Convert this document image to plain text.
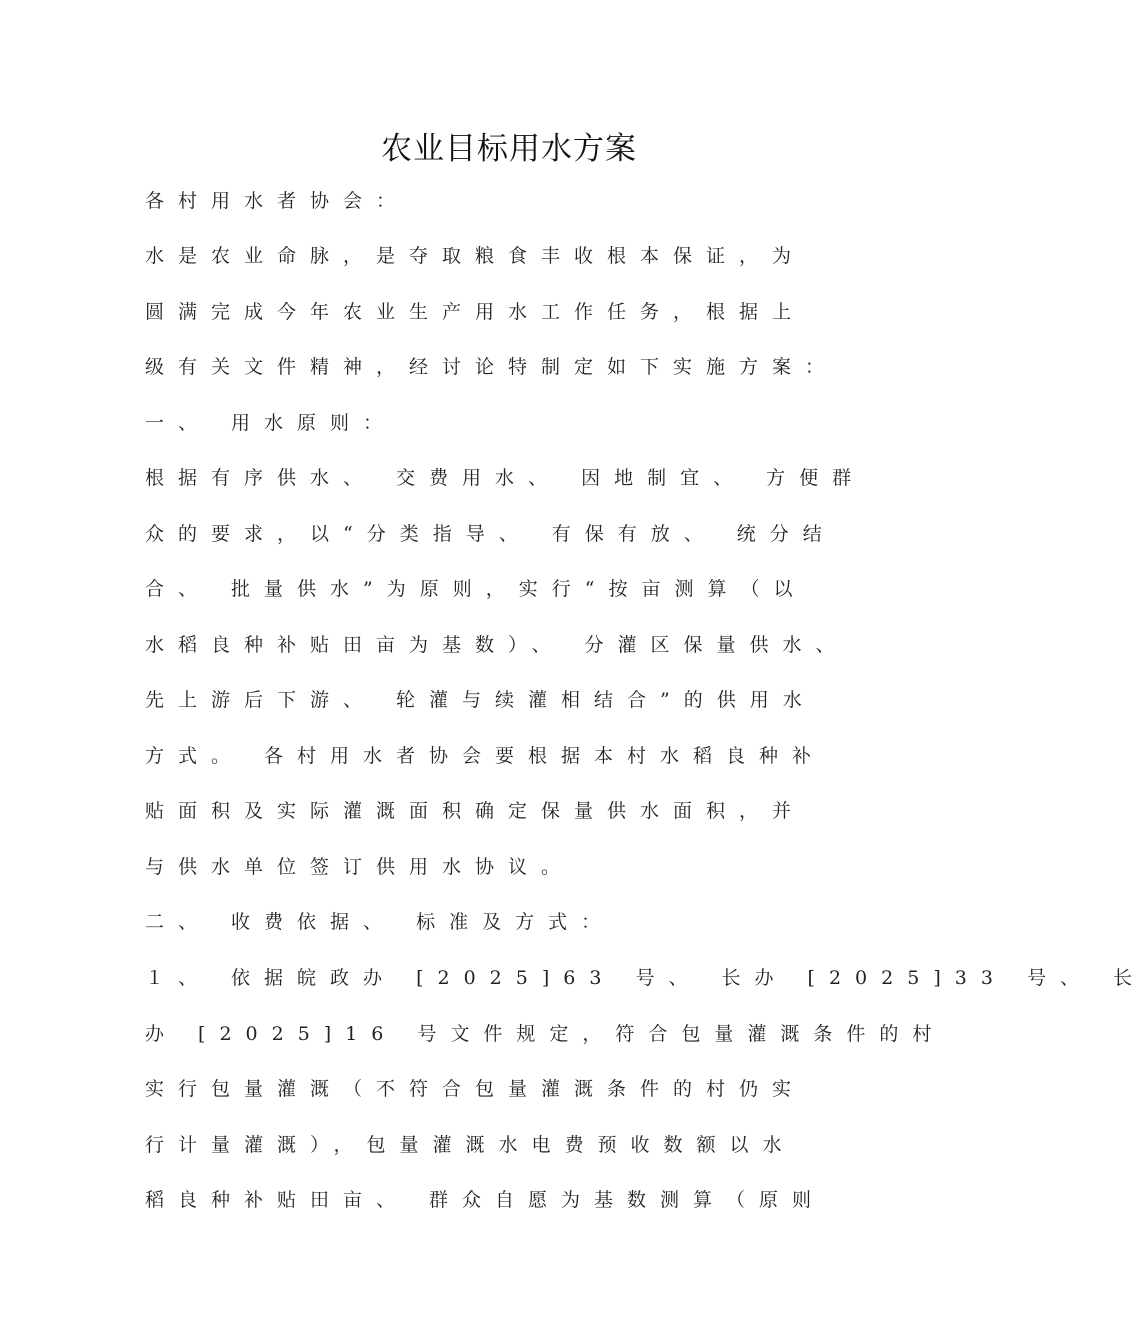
农业目标用水方案
各村用水者协会：
水是农业命脉，是夺取粮食丰收根本保证，为
圆满完成今年农业生产用水工作任务，根据上
级有关文件精神，经讨论特制定如下实施方案：
一、 用水原则：
根据有序供水、 交费用水、 因地制宜、 方便群
众的要求，以“分类指导、 有保有放、 统分结
合、 批量供水”为原则，实行“按亩测算（以
水稻良种补贴田亩为基数）、 分灌区保量供水、
先上游后下游、 轮灌与续灌相结合”的供用水
方式。 各村用水者协会要根据本村水稻良种补
贴面积及实际灌溉面积确定保量供水面积，并
与供水单位签订供用水协议。
二、 收费依据、 标准及方式：
１、 依据皖政办 [2025]63 号、 长办 [2025]33 号、 长
办 [2025]16 号文件规定，符合包量灌溉条件的村
实行包量灌溉（不符合包量灌溉条件的村仍实
行计量灌溉），包量灌溉水电费预收数额以水
稻良种补贴田亩、 群众自愿为基数测算（原则
